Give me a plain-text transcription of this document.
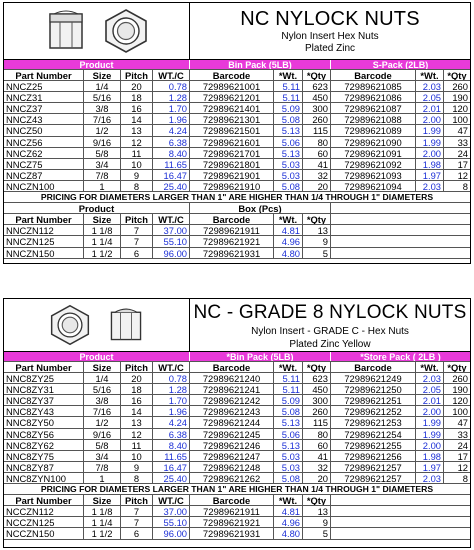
NC NYLOCK NUTS
Nylon Insert Hex Nuts
Plated Zinc
Product	Bin Pack (5LB)	S-Pack (2LB)
Part Number	Size	Pitch	WT./C	Barcode	*Wt.	*Qty	Barcode	*Wt. *Qty
NNCZ25	1/4	20	0.78	72989621001	5.11	623	72989621085	2.03	260
NNCZ31	5/16	18	1.28	72989621201	5.11	450	72989621086	2.05	190
NNCZ37	3/8	16	1.70	72989621401	5.09	300	72989621087	2.01	120
NNCZ43	7/16	14	1.96	72989621301	5.08	260	72989621088	2.00	100
NNCZ50	1/2	13	4.24	72989621501	5.13	115	72989621089	1.99	47
NNCZ56	9/16	12	6.38	72989621601	5.06	80	72989621090	1.99	33
NNCZ62	5/8	11	8.40	72989621701	5.13	60	72989621091	2.00	24
NNCZ75	3/4	10	11.65	72989621801	5.03	41	72989621092	1.98	17
NNCZ87	7/8	9	16.47	72989621901	5.03	32	72989621093	1.97	12
NNCZN100	1	8	25.40	72989621910	5.08	20	72989621094	2.03	8
PRICING FOR DIAMETERS LARGER THAN 1" ARE HIGHER THAN 1/4 THROUGH 1" DIAMETERS
Product	Box (Pcs)
Part Number	Size	Pitch	WT./C	Barcode	*Wt.	*Qty
NNCZN112	1 1/8	7	37.00	72989621911	4.81	13
NNCZN125	1 1/4	7	55.10	72989621921	4.96	9
NNCZN150	1 1/2	6	96.00	72989621931	4.80	5
NC - GRADE 8 NYLOCK NUTS
Nylon Insert - GRADE C - Hex Nuts
Plated Zinc Yellow
Product	*Bin Pack (5LB)	*Store Pack ( 2LB )
Part Number	Size	Pitch	WT./C	Barcode	*Wt.	*Qty	Barcode	*Wt. *Qty
NNC8ZY25	1/4	20	0.78	72989621240	5.11	623	72989621249	2.03	260
NNC8ZY31	5/16	18	1.28	72989621241	5.11	450	72989621250	2.05	190
NNC8ZY37	3/8	16	1.70	72989621242	5.09	300	72989621251	2.01	120
NNC8ZY43	7/16	14	1.96	72989621243	5.08	260	72989621252	2.00	100
NNC8ZY50	1/2	13	4.24	72989621244	5.13	115	72989621253	1.99	47
NNC8ZY56	9/16	12	6.38	72989621245	5.06	80	72989621254	1.99	33
NNC8ZY62	5/8	11	8.40	72989621246	5.13	60	72989621255	2.00	24
NNC8ZY75	3/4	10	11.65	72989621247	5.03	41	72989621256	1.98	17
NNC8ZY87	7/8	9	16.47	72989621248	5.03	32	72989621257	1.97	12
NNC8ZYN100	1	8	25.40	72989621262	5.08	20	72989621257	2.03	8
PRICING FOR DIAMETERS LARGER THAN 1" ARE HIGHER THAN 1/4 THROUGH 1" DIAMETERS
Part Number	Size	Pitch	WT./C	Barcode	*Wt.	*Qty
NCCZN112	1 1/8	7	37.00	72989621911	4.81	13
NCCZN125	1 1/4	7	55.10	72989621921	4.96	9
NCCZN150	1 1/2	6	96.00	72989621931	4.80	5
